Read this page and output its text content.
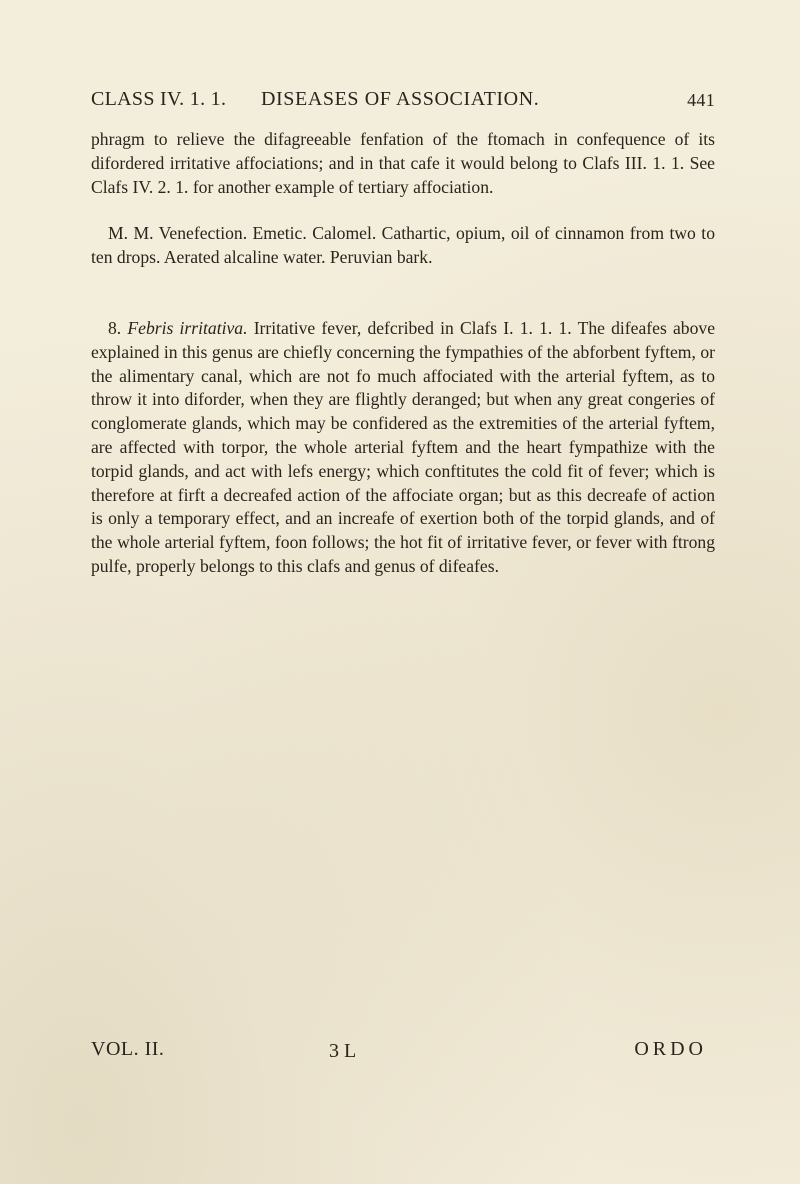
CLASS IV. 1. 1. DISEASES OF ASSOCIATION.	441
phragm to relieve the difagreeable fenfation of the ftomach in confequence of its difordered irritative affociations; and in that cafe it would belong to Clafs III. 1. 1. See Clafs IV. 2. 1. for another example of tertiary affociation.
M. M. Venefection. Emetic. Calomel. Cathartic, opium, oil of cinnamon from two to ten drops. Aerated alcaline water. Peruvian bark.
8. Febris irritativa. Irritative fever, defcribed in Clafs I. 1. 1. 1. The difeafes above explained in this genus are chiefly concerning the fympathies of the abforbent fyftem, or the alimentary canal, which are not fo much affociated with the arterial fyftem, as to throw it into diforder, when they are flightly deranged; but when any great congeries of conglomerate glands, which may be confidered as the extremities of the arterial fyftem, are affected with torpor, the whole arterial fyftem and the heart fympathize with the torpid glands, and act with lefs energy; which conftitutes the cold fit of fever; which is therefore at firft a decreafed action of the affociate organ; but as this decreafe of action is only a temporary effect, and an increafe of exertion both of the torpid glands, and of the whole arterial fyftem, foon follows; the hot fit of irritative fever, or fever with ftrong pulfe, properly belongs to this clafs and genus of difeafes.
VOL. II.	3 L	ORDO
